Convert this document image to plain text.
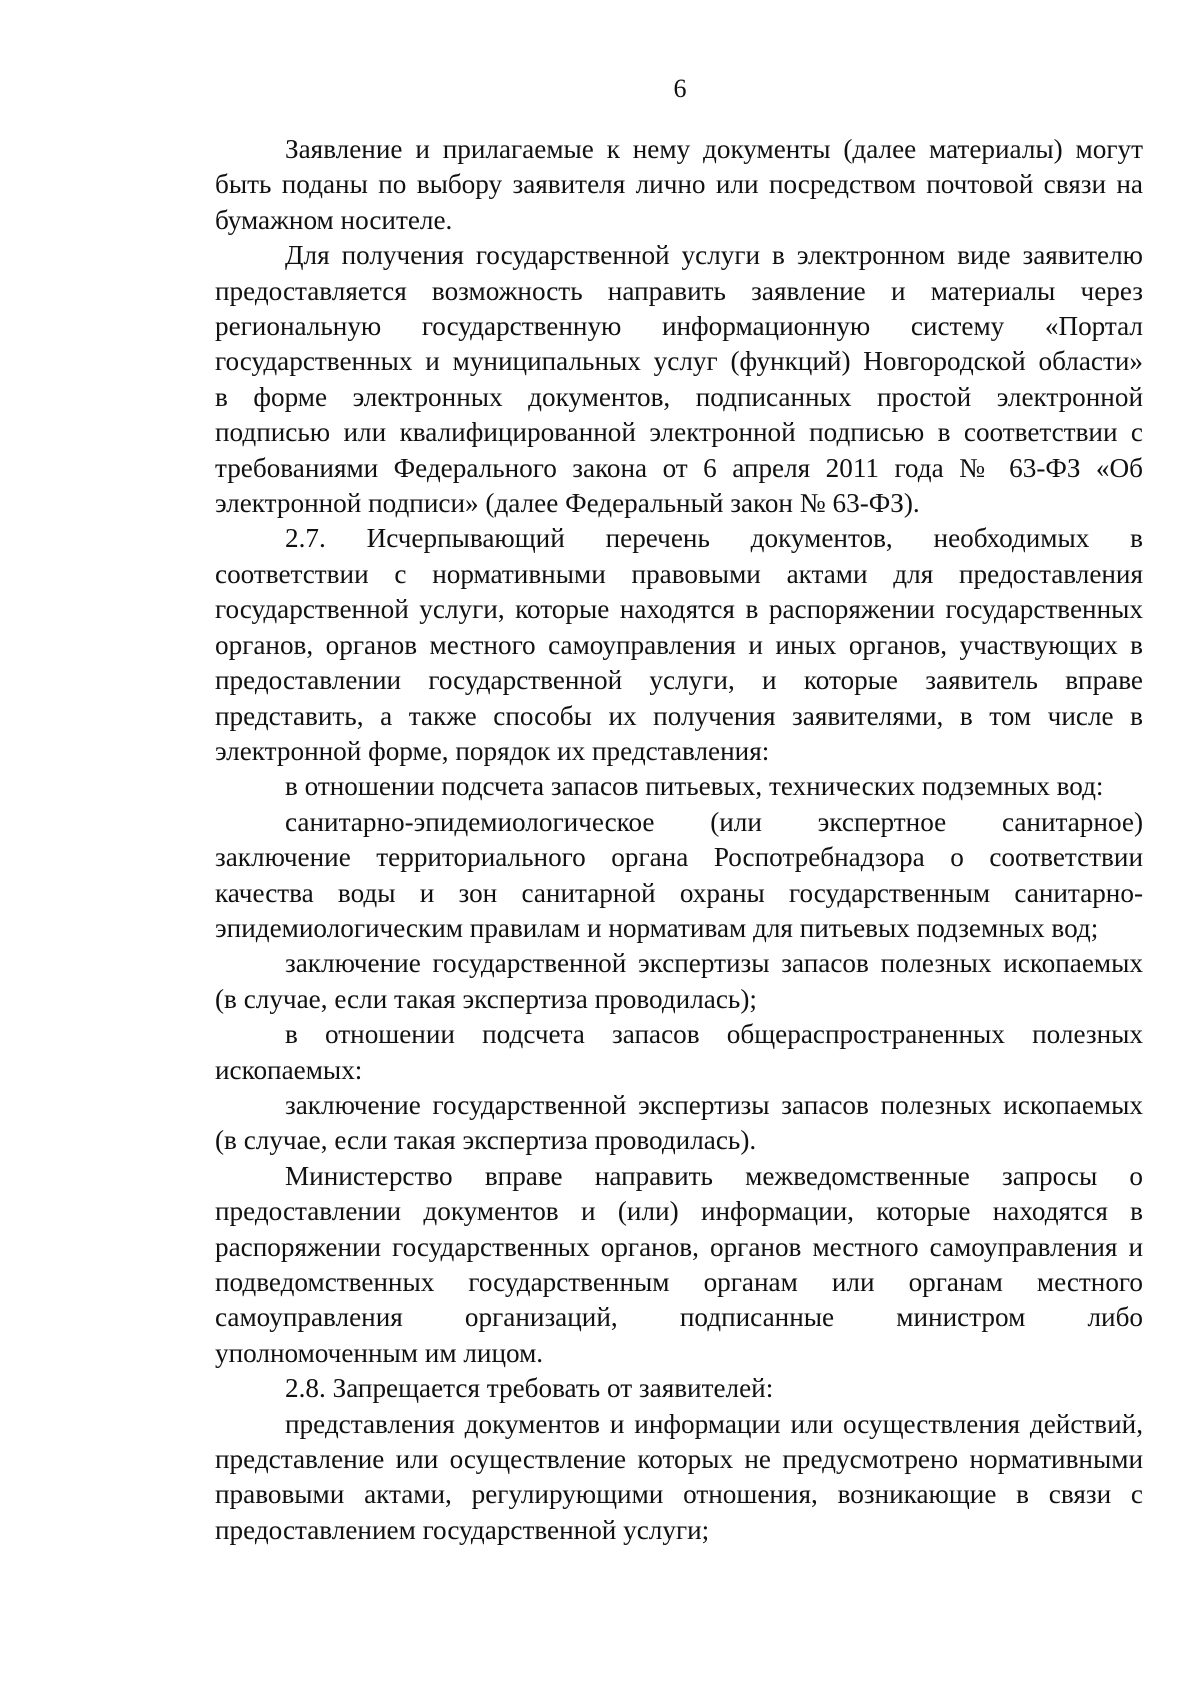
6
Заявление и прилагаемые к нему документы (далее материалы) могут
быть поданы по выбору заявителя лично или посредством почтовой связи на
бумажном носителе.
Для получения государственной услуги в электронном виде заявителю
предоставляется возможность направить заявление и материалы через
региональную государственную информационную систему «Портал
государственных и муниципальных услуг (функций) Новгородской области»
в форме электронных документов, подписанных простой электронной
подписью или квалифицированной электронной подписью в соответствии с
требованиями Федерального закона от 6 апреля 2011 года № 63-ФЗ «Об
электронной подписи» (далее Федеральный закон № 63-ФЗ).
2.7. Исчерпывающий перечень документов, необходимых в
соответствии с нормативными правовыми актами для предоставления
государственной услуги, которые находятся в распоряжении государственных
органов, органов местного самоуправления и иных органов, участвующих в
предоставлении государственной услуги, и которые заявитель вправе
представить, а также способы их получения заявителями, в том числе в
электронной форме, порядок их представления:
в отношении подсчета запасов питьевых, технических подземных вод:
санитарно-эпидемиологическое (или экспертное санитарное)
заключение территориального органа Роспотребнадзора о соответствии
качества воды и зон санитарной охраны государственным санитарно-
эпидемиологическим правилам и нормативам для питьевых подземных вод;
заключение государственной экспертизы запасов полезных ископаемых
(в случае, если такая экспертиза проводилась);
в отношении подсчета запасов общераспространенных полезных
ископаемых:
заключение государственной экспертизы запасов полезных ископаемых
(в случае, если такая экспертиза проводилась).
Министерство вправе направить межведомственные запросы о
предоставлении документов и (или) информации, которые находятся в
распоряжении государственных органов, органов местного самоуправления и
подведомственных государственным органам или органам местного
самоуправления организаций, подписанные министром либо
уполномоченным им лицом.
2.8. Запрещается требовать от заявителей:
представления документов и информации или осуществления действий,
представление или осуществление которых не предусмотрено нормативными
правовыми актами, регулирующими отношения, возникающие в связи с
предоставлением государственной услуги;
